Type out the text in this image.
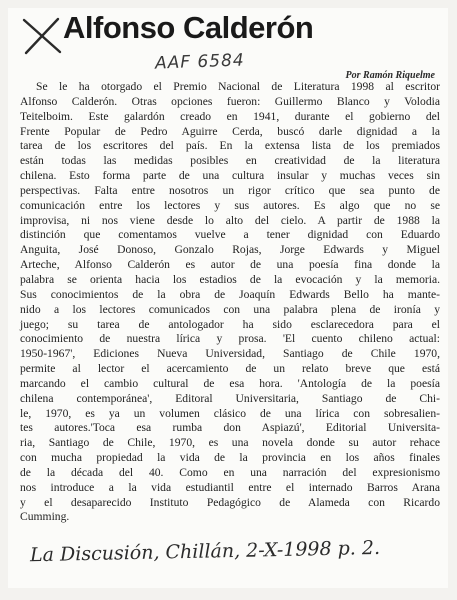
Alfonso Calderón
AAF 6584
Por Ramón Riquelme
Se le ha otorgado el Premio Nacional de Literatura 1998 al escritor
Alfonso Calderón. Otras opciones fueron: Guillermo Blanco y Volodia
Teitelboim. Este galardón creado en 1941, durante el gobierno del
Frente Popular de Pedro Aguirre Cerda, buscó darle dignidad a la
tarea de los escritores del país. En la extensa lista de los premiados
están todas las medidas posibles en creatividad de la literatura
chilena. Esto forma parte de una cultura insular y muchas veces sin
perspectivas. Falta entre nosotros un rigor crítico que sea punto de
comunicación entre los lectores y sus autores. Es algo que no se
improvisa, ni nos viene desde lo alto del cielo. A partir de 1988 la
distinción que comentamos vuelve a tener dignidad con Eduardo
Anguita, José Donoso, Gonzalo Rojas, Jorge Edwards y Miguel
Arteche, Alfonso Calderón es autor de una poesía fina donde la
palabra se orienta hacia los estadios de la evocación y la memoria.
Sus conocimientos de la obra de Joaquín Edwards Bello ha mante-
nido a los lectores comunicados con una palabra plena de ironía y
juego; su tarea de antologador ha sido esclarecedora para el
conocimiento de nuestra lírica y prosa. 'El cuento chileno actual:
1950-1967', Ediciones Nueva Universidad, Santiago de Chile 1970,
permite al lector el acercamiento de un relato breve que está
marcando el cambio cultural de esa hora. 'Antología de la poesía
chilena contemporánea', Editoral Universitaria, Santiago de Chi-
le, 1970, es ya un volumen clásico de una lírica con sobresalien-
tes autores.'Toca esa rumba don Aspiazú', Editorial Universita-
ria, Santiago de Chile, 1970, es una novela donde su autor rehace
con mucha propiedad la vida de la provincia en los años finales
de la década del 40. Como en una narración del expresionismo
nos introduce a la vida estudiantil entre el internado Barros Arana
y el desaparecido Instituto Pedagógico de Alameda con Ricardo
Cumming.
La Discusión, Chillán, 2-X-1998 p. 2.
